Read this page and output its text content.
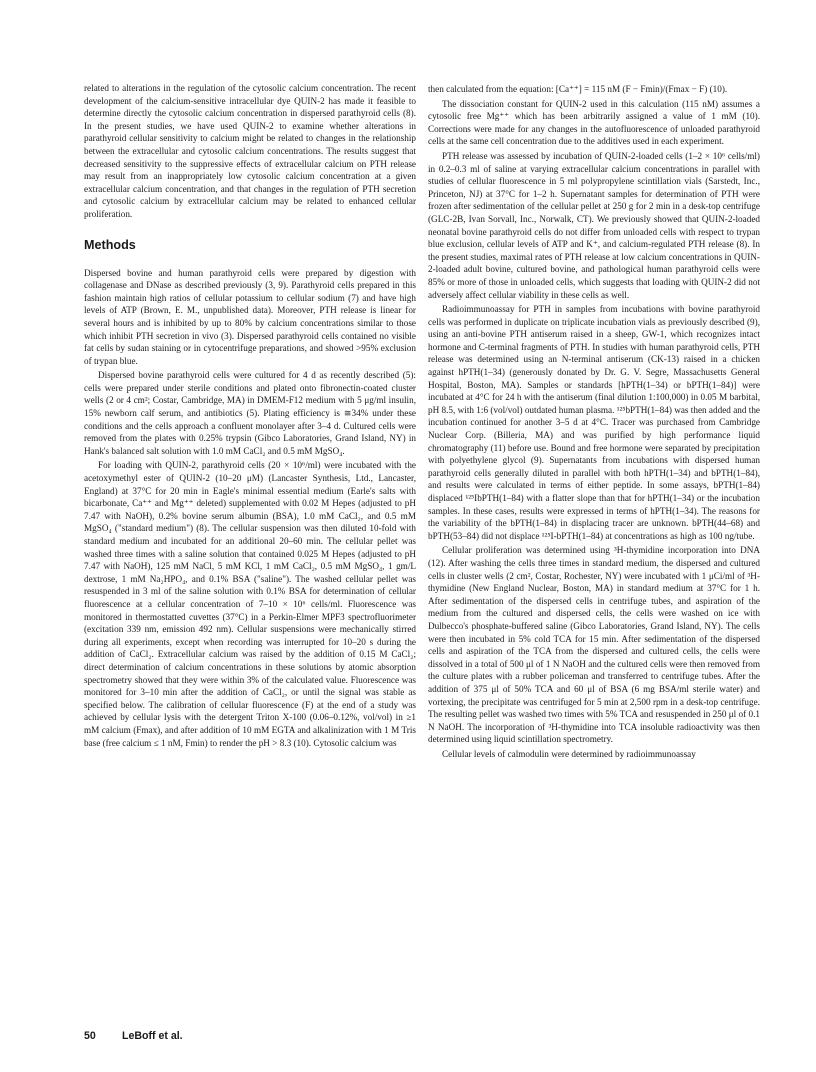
related to alterations in the regulation of the cytosolic calcium concentration. The recent development of the calcium-sensitive intracellular dye QUIN-2 has made it feasible to determine directly the cytosolic calcium concentration in dispersed parathyroid cells (8). In the present studies, we have used QUIN-2 to examine whether alterations in parathyroid cellular sensitivity to calcium might be related to changes in the relationship between the extracellular and cytosolic calcium concentrations. The results suggest that decreased sensitivity to the suppressive effects of extracellular calcium on PTH release may result from an inappropriately low cytosolic calcium concentration at a given extracellular calcium concentration, and that changes in the regulation of PTH secretion and cytosolic calcium by extracellular calcium may be related to enhanced cellular proliferation.

Methods

Dispersed bovine and human parathyroid cells were prepared by digestion with collagenase and DNase as described previously (3, 9). Parathyroid cells prepared in this fashion maintain high ratios of cellular potassium to cellular sodium (7) and have high levels of ATP (Brown, E. M., unpublished data). Moreover, PTH release is linear for several hours and is inhibited by up to 80% by calcium concentrations similar to those which inhibit PTH secretion in vivo (3). Dispersed parathyroid cells contained no visible fat cells by sudan staining or in cytocentrifuge preparations, and showed >95% exclusion of trypan blue.

Dispersed bovine parathyroid cells were cultured for 4 d as recently described (5): cells were prepared under sterile conditions and plated onto fibronectin-coated cluster wells (2 or 4 cm²; Costar, Cambridge, MA) in DMEM-F12 medium with 5 μg/ml insulin, 15% newborn calf serum, and antibiotics (5). Plating efficiency is ≅34% under these conditions and the cells approach a confluent monolayer after 3–4 d. Cultured cells were removed from the plates with 0.25% trypsin (Gibco Laboratories, Grand Island, NY) in Hank's balanced salt solution with 1.0 mM CaCl₂ and 0.5 mM MgSO₄.

For loading with QUIN-2, parathyroid cells (20 × 10⁶/ml) were incubated with the acetoxymethyl ester of QUIN-2 (10–20 μM) (Lancaster Synthesis, Ltd., Lancaster, England) at 37°C for 20 min in Eagle's minimal essential medium (Earle's salts with bicarbonate, Ca⁺⁺ and Mg⁺⁺ deleted) supplemented with 0.02 M Hepes (adjusted to pH 7.47 with NaOH), 0.2% bovine serum albumin (BSA), 1.0 mM CaCl₂, and 0.5 mM MgSO₄ ("standard medium") (8). The cellular suspension was then diluted 10-fold with standard medium and incubated for an additional 20–60 min. The cellular pellet was washed three times with a saline solution that contained 0.025 M Hepes (adjusted to pH 7.47 with NaOH), 125 mM NaCl, 5 mM KCl, 1 mM CaCl₂, 0.5 mM MgSO₄, 1 gm/L dextrose, 1 mM Na₂HPO₄, and 0.1% BSA ("saline"). The washed cellular pellet was resuspended in 3 ml of the saline solution with 0.1% BSA for determination of cellular fluorescence at a cellular concentration of 7–10 × 10⁶ cells/ml. Fluorescence was monitored in thermostatted cuvettes (37°C) in a Perkin-Elmer MPF3 spectrofluorimeter (excitation 339 nm, emission 492 nm). Cellular suspensions were mechanically stirred during all experiments, except when recording was interrupted for 10–20 s during the addition of CaCl₂. Extracellular calcium was raised by the addition of 0.15 M CaCl₂; direct determination of calcium concentrations in these solutions by atomic absorption spectrometry showed that they were within 3% of the calculated value. Fluorescence was monitored for 3–10 min after the addition of CaCl₂, or until the signal was stable as specified below. The calibration of cellular fluorescence (F) at the end of a study was achieved by cellular lysis with the detergent Triton X-100 (0.06–0.12%, vol/vol) in ≥1 mM calcium (Fmax), and after addition of 10 mM EGTA and alkalinization with 1 M Tris base (free calcium ≤ 1 nM, Fmin) to render the pH > 8.3 (10). Cytosolic calcium was

then calculated from the equation: [Ca⁺⁺] = 115 nM (F − Fmin)/(Fmax − F) (10).

The dissociation constant for QUIN-2 used in this calculation (115 nM) assumes a cytosolic free Mg⁺⁺ which has been arbitrarily assigned a value of 1 mM (10). Corrections were made for any changes in the autofluorescence of unloaded parathyroid cells at the same cell concentration due to the additives used in each experiment.

PTH release was assessed by incubation of QUIN-2-loaded cells (1–2 × 10⁶ cells/ml) in 0.2–0.3 ml of saline at varying extracellular calcium concentrations in parallel with studies of cellular fluorescence in 5 ml polypropylene scintillation vials (Sarstedt, Inc., Princeton, NJ) at 37°C for 1–2 h. Supernatant samples for determination of PTH were frozen after sedimentation of the cellular pellet at 250 g for 2 min in a desk-top centrifuge (GLC-2B, Ivan Sorvall, Inc., Norwalk, CT). We previously showed that QUIN-2-loaded neonatal bovine parathyroid cells do not differ from unloaded cells with respect to trypan blue exclusion, cellular levels of ATP and K⁺, and calcium-regulated PTH release (8). In the present studies, maximal rates of PTH release at low calcium concentrations in QUIN-2-loaded adult bovine, cultured bovine, and pathological human parathyroid cells were 85% or more of those in unloaded cells, which suggests that loading with QUIN-2 did not adversely affect cellular viability in these cells as well.

Radioimmunoassay for PTH in samples from incubations with bovine parathyroid cells was performed in duplicate on triplicate incubation vials as previously described (9), using an anti-bovine PTH antiserum raised in a sheep, GW-1, which recognizes intact hormone and C-terminal fragments of PTH. In studies with human parathyroid cells, PTH release was determined using an N-terminal antiserum (CK-13) raised in a chicken against hPTH(1–34) (generously donated by Dr. G. V. Segre, Massachusetts General Hospital, Boston, MA). Samples or standards [hPTH(1–34) or bPTH(1–84)] were incubated at 4°C for 24 h with the antiserum (final dilution 1:100,000) in 0.05 M barbital, pH 8.5, with 1:6 (vol/vol) outdated human plasma. ¹²⁵bPTH(1–84) was then added and the incubation continued for another 3–5 d at 4°C. Tracer was purchased from Cambridge Nuclear Corp. (Billeria, MA) and was purified by high performance liquid chromatography (11) before use. Bound and free hormone were separated by precipitation with polyethylene glycol (9). Supernatants from incubations with dispersed human parathyroid cells generally diluted in parallel with both hPTH(1–34) and bPTH(1–84), and results were calculated in terms of either peptide. In some assays, bPTH(1–84) displaced ¹²⁵IbPTH(1–84) with a flatter slope than that for hPTH(1–34) or the incubation samples. In these cases, results were expressed in terms of hPTH(1–34). The reasons for the variability of the bPTH(1–84) in displacing tracer are unknown. bPTH(44–68) and bPTH(53–84) did not displace ¹²⁵I-bPTH(1–84) at concentrations as high as 100 ng/tube.

Cellular proliferation was determined using ³H-thymidine incorporation into DNA (12). After washing the cells three times in standard medium, the dispersed and cultured cells in cluster wells (2 cm², Costar, Rochester, NY) were incubated with 1 μCi/ml of ³H-thymidine (New England Nuclear, Boston, MA) in standard medium at 37°C for 1 h. After sedimentation of the dispersed cells in centrifuge tubes, and aspiration of the medium from the cultured and dispersed cells, the cells were washed on ice with Dulbecco's phosphate-buffered saline (Gibco Laboratories, Grand Island, NY). The cells were then incubated in 5% cold TCA for 15 min. After sedimentation of the dispersed cells and aspiration of the TCA from the dispersed and cultured cells, the cells were dissolved in a total of 500 μl of 1 N NaOH and the cultured cells were then removed from the culture plates with a rubber policeman and transferred to centrifuge tubes. After the addition of 375 μl of 50% TCA and 60 μl of BSA (6 mg BSA/ml sterile water) and vortexing, the precipitate was centrifuged for 5 min at 2,500 rpm in a desk-top centrifuge. The resulting pellet was washed two times with 5% TCA and resuspended in 250 μl of 0.1 N NaOH. The incorporation of ³H-thymidine into TCA insoluble radioactivity was then determined using liquid scintillation spectrometry.

Cellular levels of calmodulin were determined by radioimmunoassay

50 LeBoff et al.
